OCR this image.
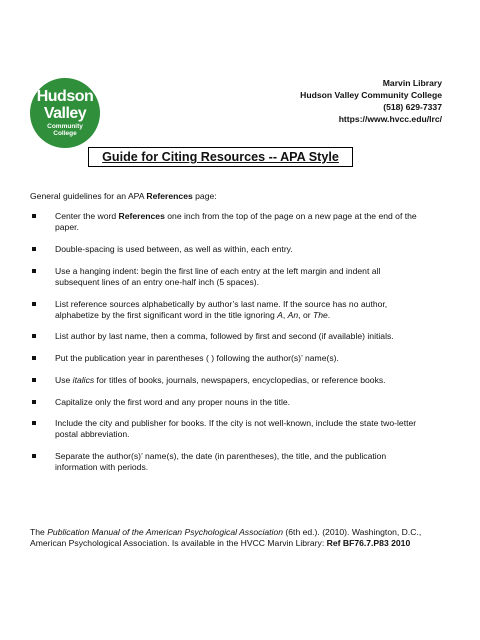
Hudson
Valley
Community
College
Marvin Library
Hudson Valley Community College
(518) 629-7337
https://www.hvcc.edu/lrc/
Guide for Citing Resources -- APA Style
General guidelines for an APA References page:
Center the word References one inch from the top of the page on a new page at the end of the paper.
Double-spacing is used between, as well as within, each entry.
Use a hanging indent: begin the first line of each entry at the left margin and indent all subsequent lines of an entry one-half inch (5 spaces).
List reference sources alphabetically by author’s last name. If the source has no author, alphabetize by the first significant word in the title ignoring A, An, or The.
List author by last name, then a comma, followed by first and second (if available) initials.
Put the publication year in parentheses ( ) following the author(s)’ name(s).
Use italics for titles of books, journals, newspapers, encyclopedias, or reference books.
Capitalize only the first word and any proper nouns in the title.
Include the city and publisher for books. If the city is not well-known, include the state two-letter postal abbreviation.
Separate the author(s)’ name(s), the date (in parentheses), the title, and the publication information with periods.
The Publication Manual of the American Psychological Association (6th ed.). (2010). Washington, D.C., American Psychological Association. Is available in the HVCC Marvin Library: Ref BF76.7.P83 2010
